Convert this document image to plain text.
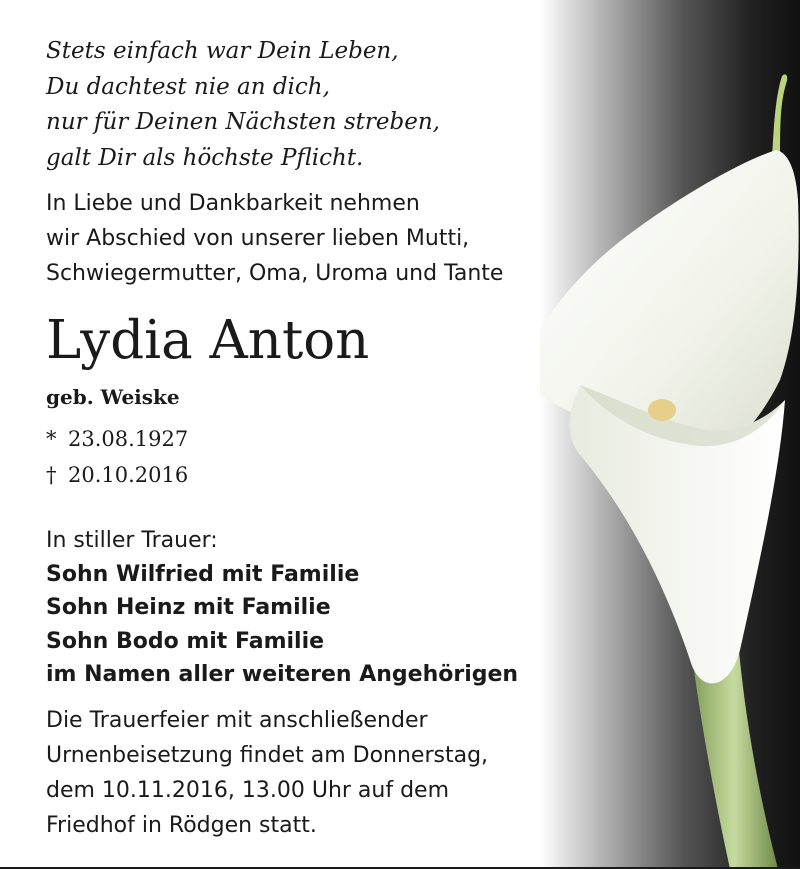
Stets einfach war Dein Leben,
Du dachtest nie an dich,
nur für Deinen Nächsten streben,
galt Dir als höchste Pflicht.
In Liebe und Dankbarkeit nehmen
wir Abschied von unserer lieben Mutti,
Schwiegermutter, Oma, Uroma und Tante
Lydia Anton
geb. Weiske
* 23.08.1927
† 20.10.2016
In stiller Trauer:
Sohn Wilfried mit Familie
Sohn Heinz mit Familie
Sohn Bodo mit Familie
im Namen aller weiteren Angehörigen
Die Trauerfeier mit anschließender
Urnenbeisetzung findet am Donnerstag,
dem 10.11.2016, 13.00 Uhr auf dem
Friedhof in Rödgen statt.
